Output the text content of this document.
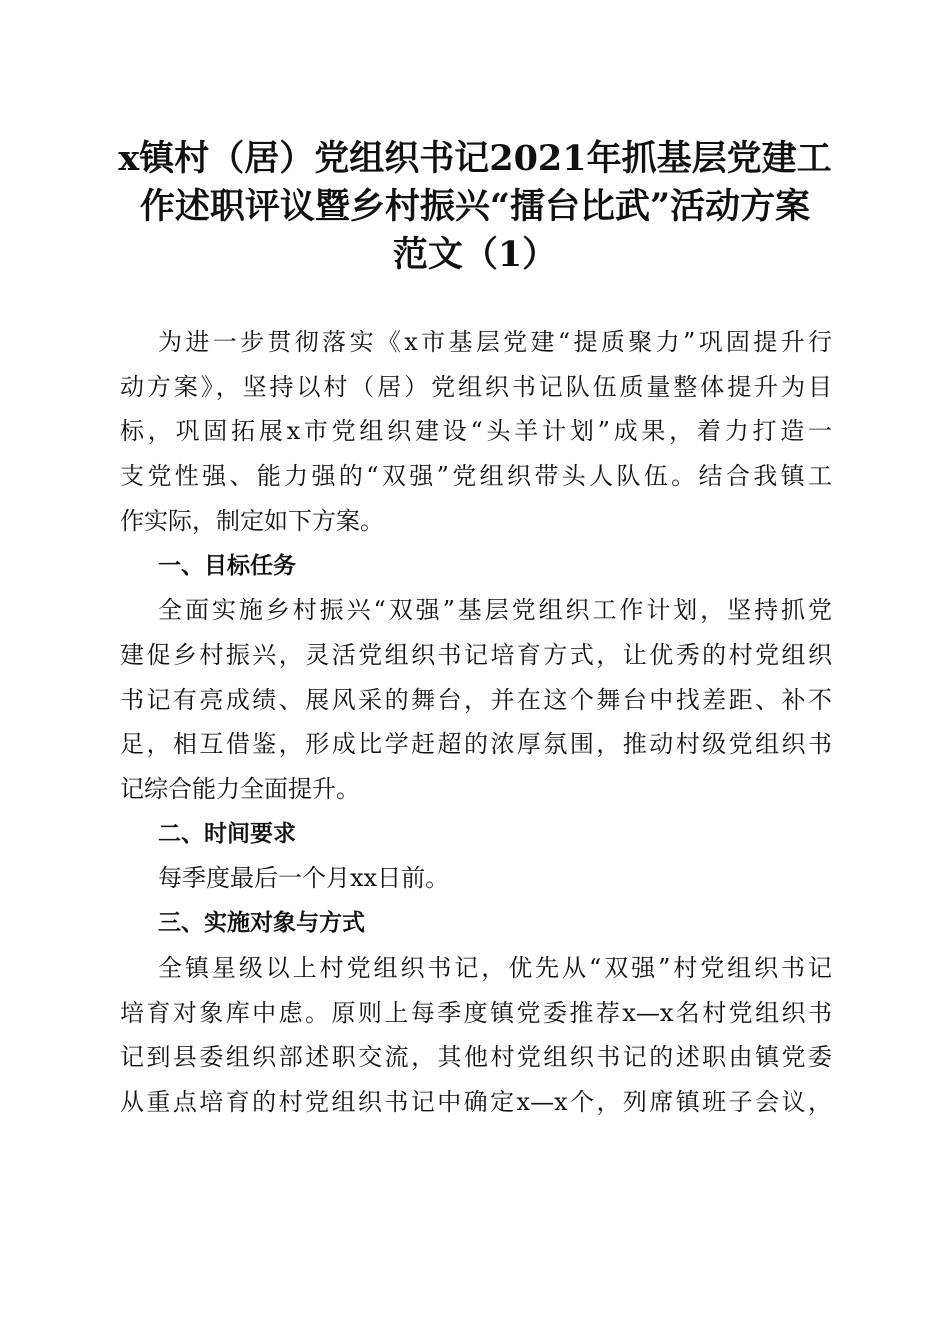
x镇村（居）党组织书记2021年抓基层党建工
作述职评议暨乡村振兴“擂台比武”活动方案
范文（1）

为进一步贯彻落实《x市基层党建“提质聚力”巩固提升行
动方案》，坚持以村（居）党组织书记队伍质量整体提升为目
标，巩固拓展x市党组织建设“头羊计划”成果，着力打造一
支党性强、能力强的“双强”党组织带头人队伍。结合我镇工
作实际，制定如下方案。

一、目标任务

全面实施乡村振兴“双强”基层党组织工作计划，坚持抓党
建促乡村振兴，灵活党组织书记培育方式，让优秀的村党组织
书记有亮成绩、展风采的舞台，并在这个舞台中找差距、补不
足，相互借鉴，形成比学赶超的浓厚氛围，推动村级党组织书
记综合能力全面提升。

二、时间要求

每季度最后一个月xx日前。

三、实施对象与方式

全镇星级以上村党组织书记，优先从“双强”村党组织书记
培育对象库中虑。原则上每季度镇党委推荐x—x名村党组织书
记到县委组织部述职交流，其他村党组织书记的述职由镇党委
从重点培育的村党组织书记中确定x—x个，列席镇班子会议，
